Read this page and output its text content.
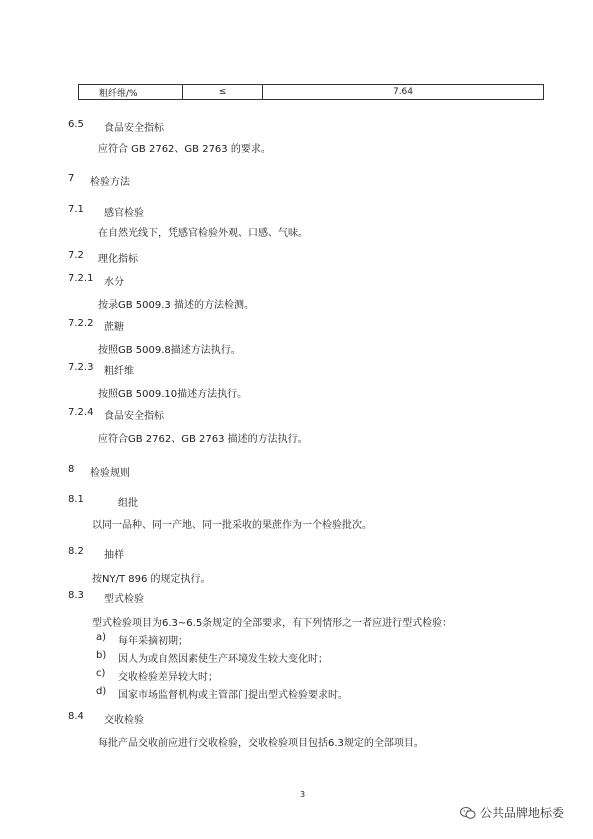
粗纤维/%	≤	7.64
6.5 食品安全指标
应符合 GB 2762、GB 2763 的要求。
7 检验方法
7.1 感官检验
在自然光线下，凭感官检验外观、口感、气味。
7.2 理化指标
7.2.1 水分
按录GB 5009.3 描述的方法检测。
7.2.2 蔗糖
按照GB 5009.8描述方法执行。
7.2.3 粗纤维
按照GB 5009.10描述方法执行。
7.2.4 食品安全指标
应符合GB 2762、GB 2763 描述的方法执行。
8 检验规则
8.1	组批
以同一品种、同一产地、同一批采收的果蔗作为一个检验批次。
8.2 抽样
按NY/T 896 的规定执行。
8.3 型式检验
型式检验项目为6.3~6.5条规定的全部要求，有下列情形之一者应进行型式检验：
a) 每年采摘初期；
b) 因人为或自然因素使生产环境发生较大变化时；
c) 交收检验差异较大时；
d) 国家市场监督机构或主管部门提出型式检验要求时。
8.4 交收检验
每批产品交收前应进行交收检验，交收检验项目包括6.3规定的全部项目。
3
公共品牌地标委
